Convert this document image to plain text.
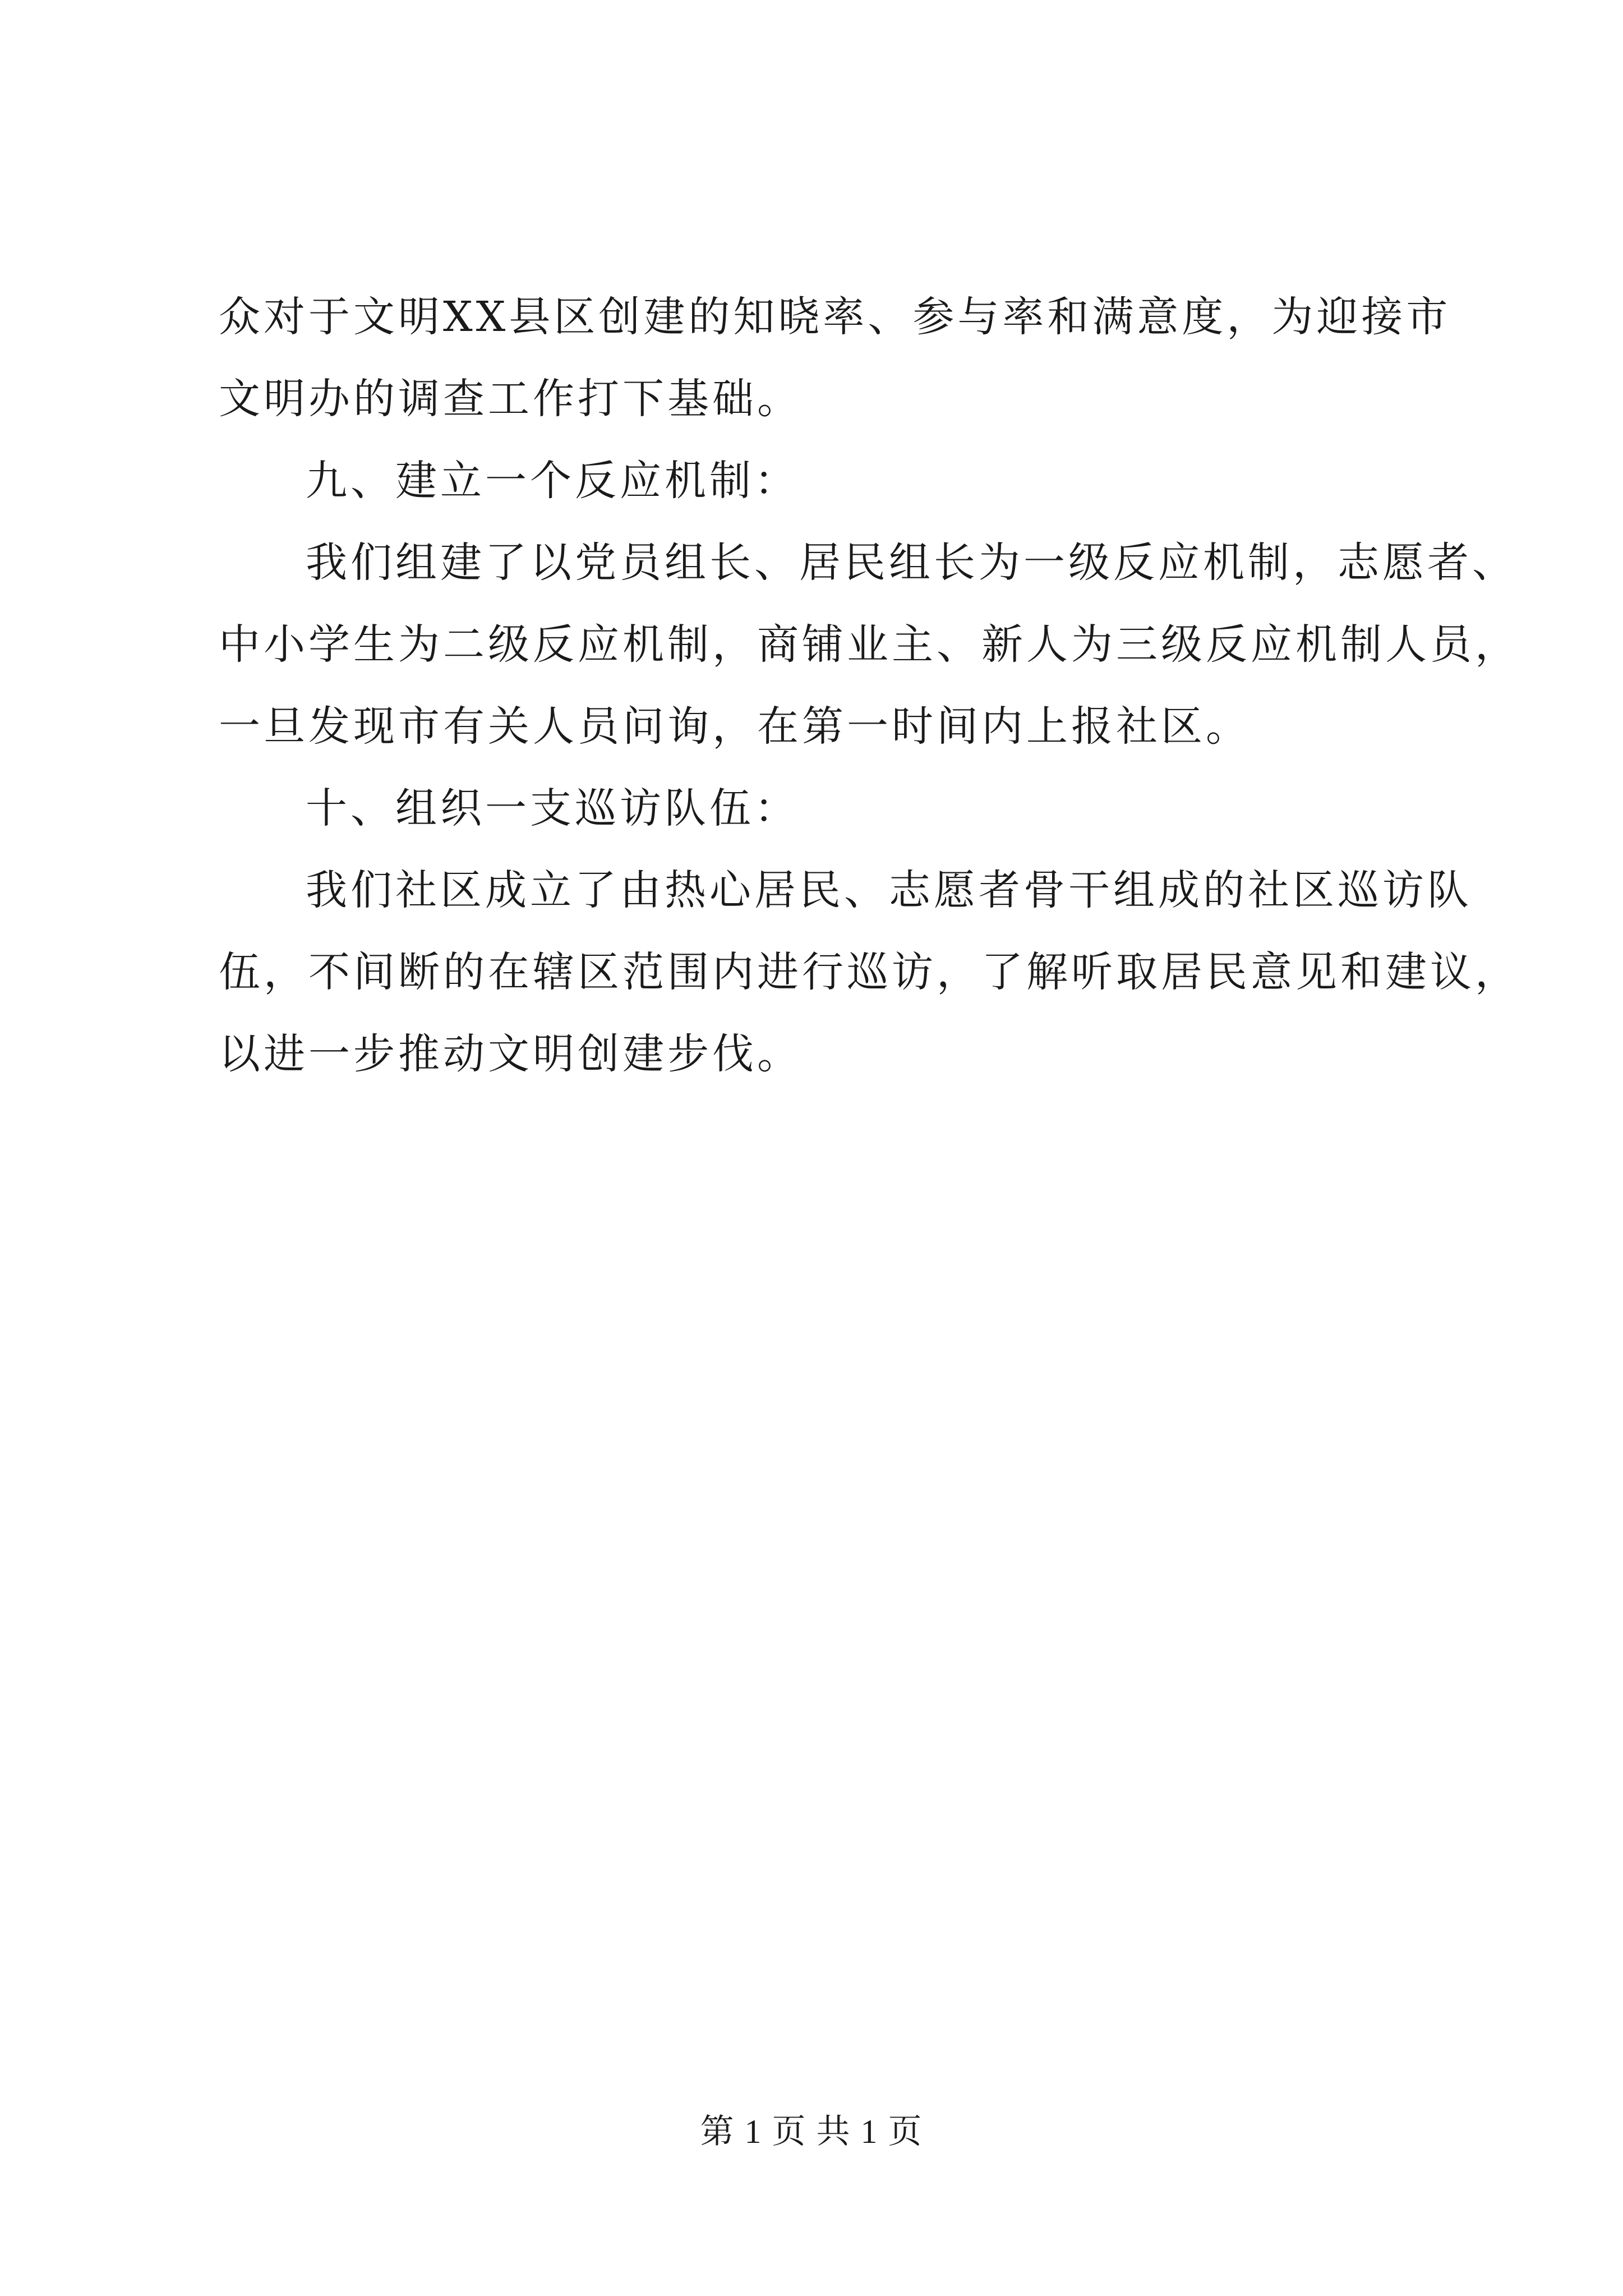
众对于文明XX县区创建的知晓率、参与率和满意度，为迎接市
文明办的调查工作打下基础。
九、建立一个反应机制：
我们组建了以党员组长、居民组长为一级反应机制，志愿者、
中小学生为二级反应机制，商铺业主、新人为三级反应机制人员，
一旦发现市有关人员问询，在第一时间内上报社区。
十、组织一支巡访队伍：
我们社区成立了由热心居民、志愿者骨干组成的社区巡访队
伍，不间断的在辖区范围内进行巡访，了解听取居民意见和建议，
以进一步推动文明创建步伐。
第 1 页 共 1 页
